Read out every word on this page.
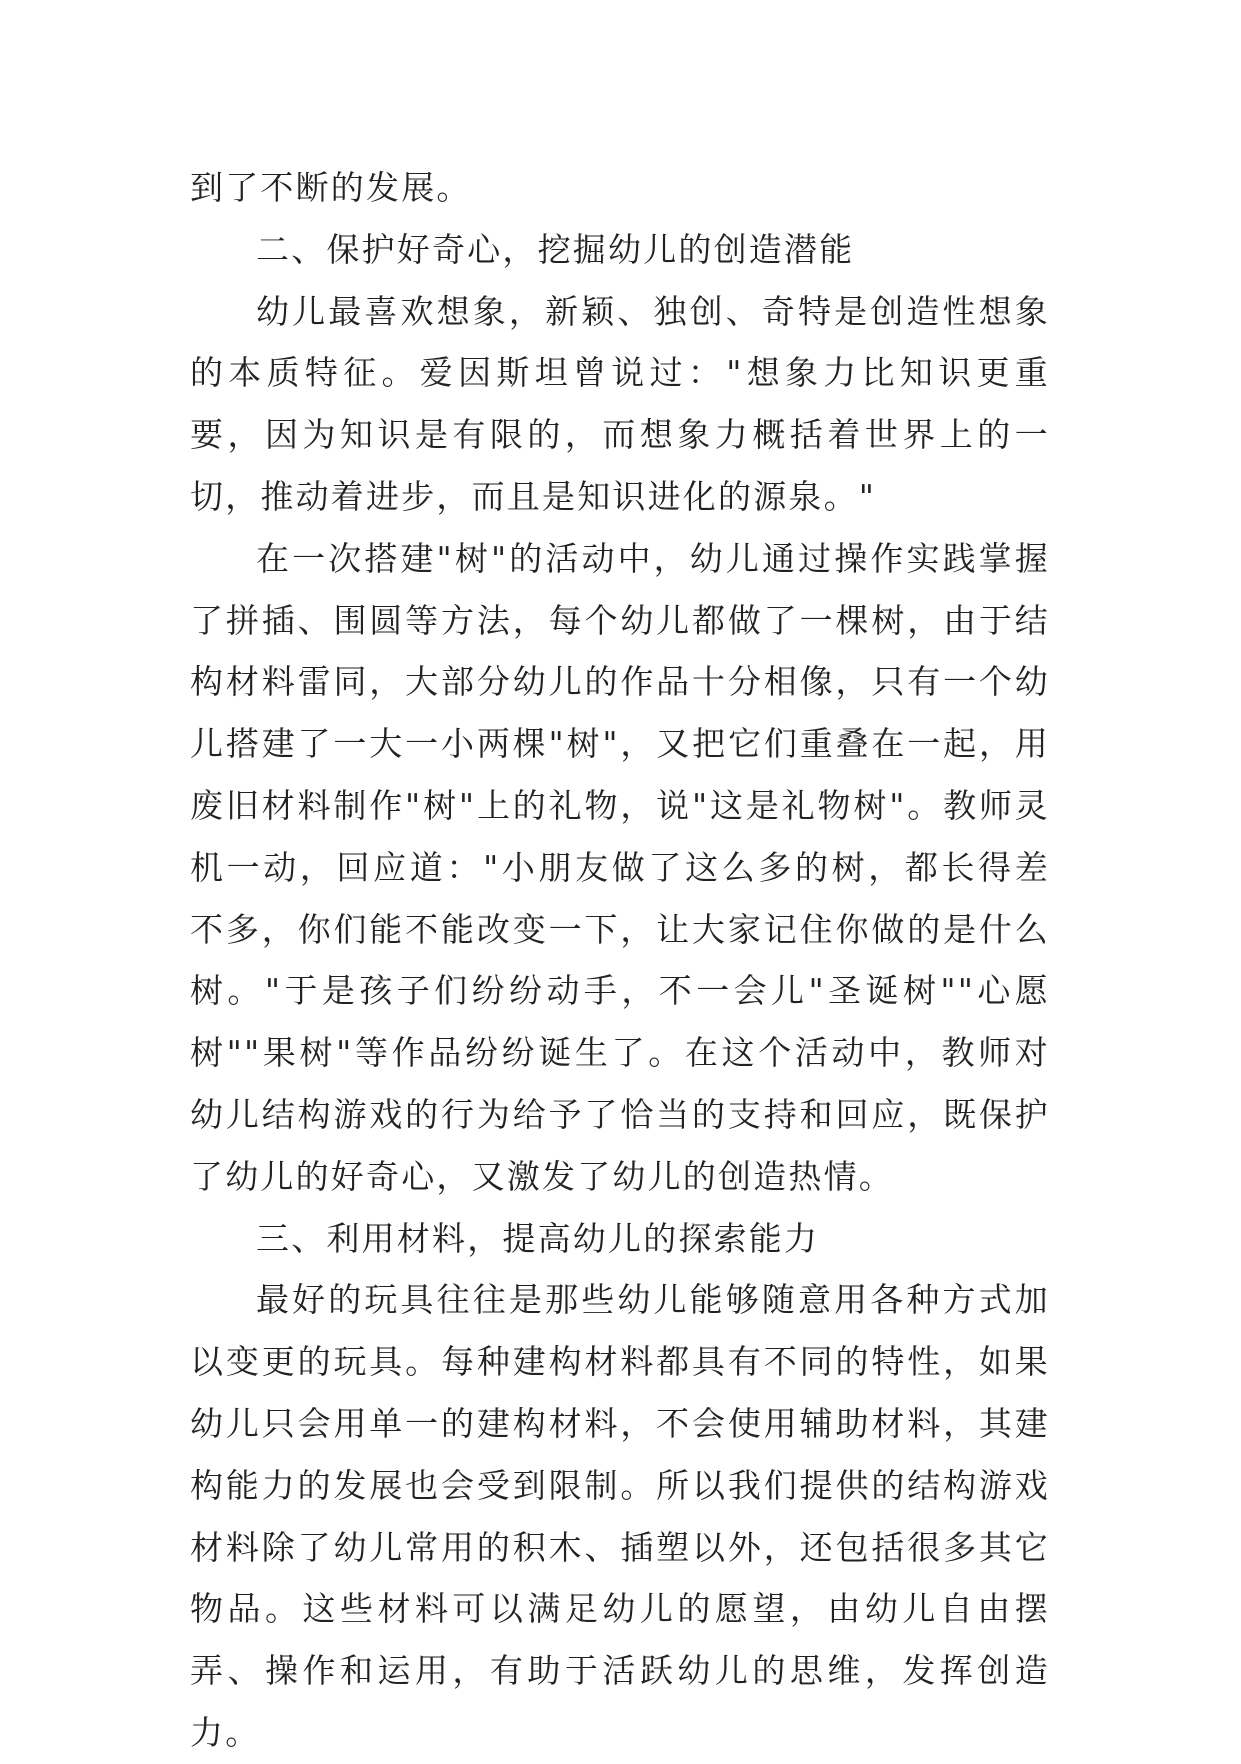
到了不断的发展。

二、保护好奇心，挖掘幼儿的创造潜能

幼儿最喜欢想象，新颖、独创、奇特是创造性想象的本质特征。爱因斯坦曾说过："想象力比知识更重要，因为知识是有限的，而想象力概括着世界上的一切，推动着进步，而且是知识进化的源泉。"

在一次搭建"树"的活动中，幼儿通过操作实践掌握了拼插、围圆等方法，每个幼儿都做了一棵树，由于结构材料雷同，大部分幼儿的作品十分相像，只有一个幼儿搭建了一大一小两棵"树"，又把它们重叠在一起，用废旧材料制作"树"上的礼物，说"这是礼物树"。教师灵机一动，回应道："小朋友做了这么多的树，都长得差不多，你们能不能改变一下，让大家记住你做的是什么树。"于是孩子们纷纷动手，不一会儿"圣诞树""心愿树""果树"等作品纷纷诞生了。在这个活动中，教师对幼儿结构游戏的行为给予了恰当的支持和回应，既保护了幼儿的好奇心，又激发了幼儿的创造热情。

三、利用材料，提高幼儿的探索能力

最好的玩具往往是那些幼儿能够随意用各种方式加以变更的玩具。每种建构材料都具有不同的特性，如果幼儿只会用单一的建构材料，不会使用辅助材料，其建构能力的发展也会受到限制。所以我们提供的结构游戏材料除了幼儿常用的积木、插塑以外，还包括很多其它物品。这些材料可以满足幼儿的愿望，由幼儿自由摆弄、操作和运用，有助于活跃幼儿的思维，发挥创造力。
